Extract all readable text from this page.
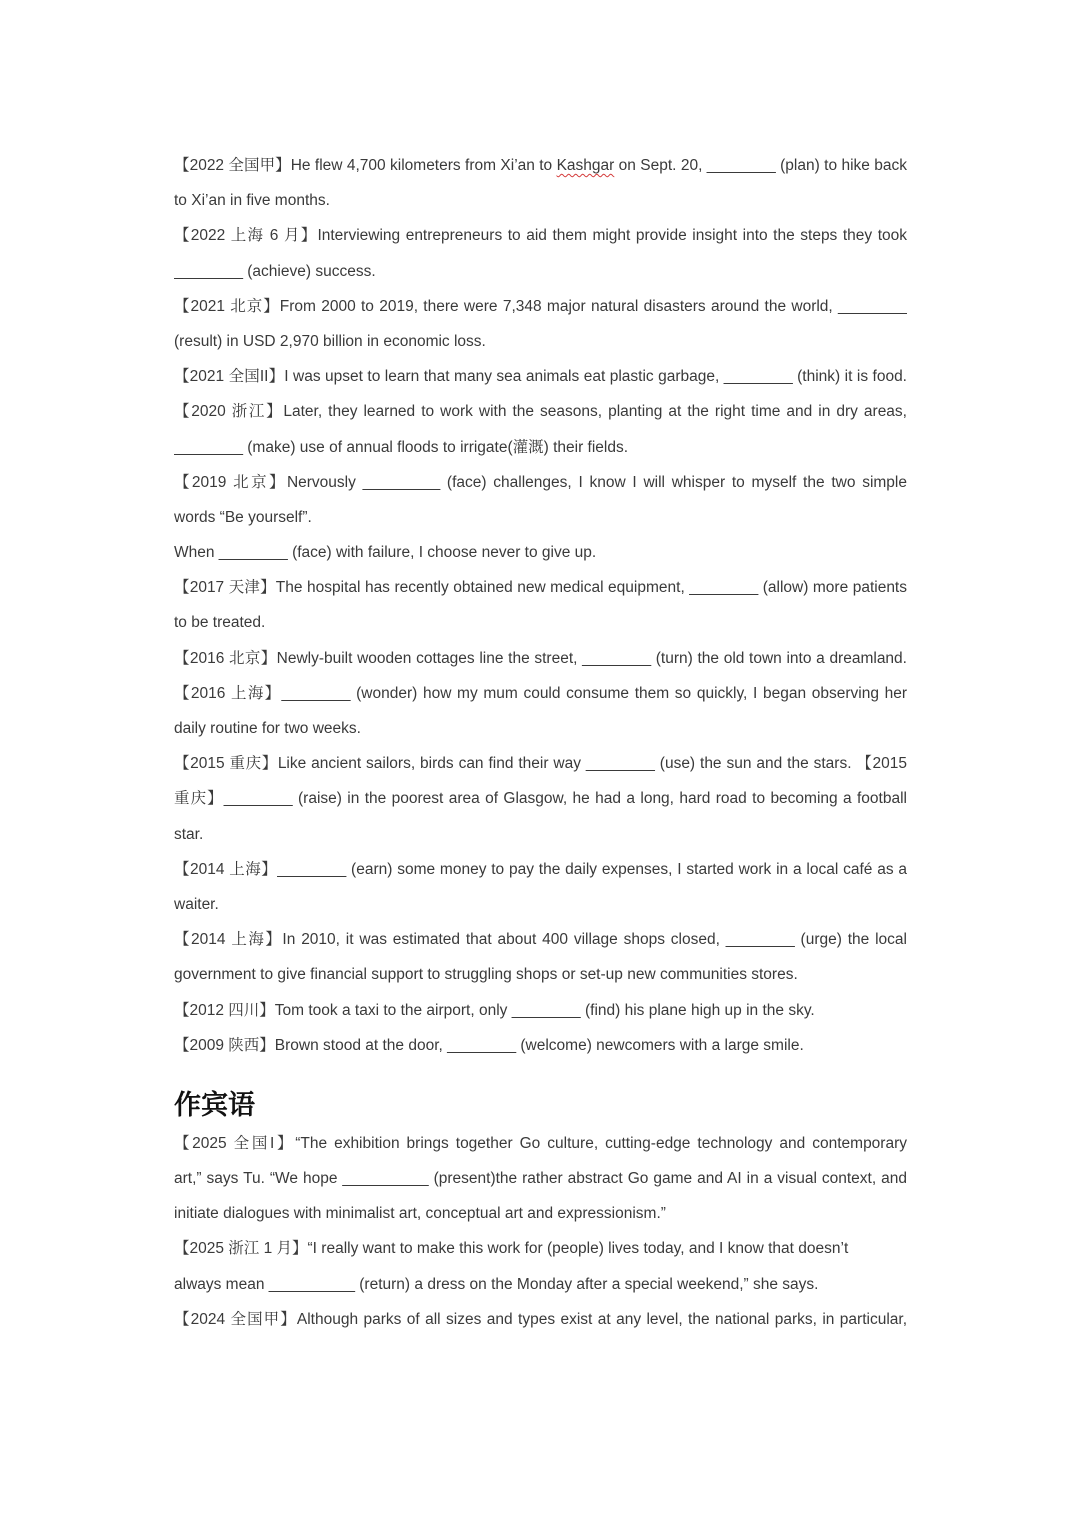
【2022 全国甲】He flew 4,700 kilometers from Xi’an to Kashgar on Sept. 20, ________ (plan) to hike back
to Xi’an in five months.
【2022 上海 6 月】Interviewing entrepreneurs to aid them might provide insight into the steps they took
________ (achieve) success.
【2021 北京】From 2000 to 2019, there were 7,348 major natural disasters around the world, ________
(result) in USD 2,970 billion in economic loss.
【2021 全国II】I was upset to learn that many sea animals eat plastic garbage, ________ (think) it is food.
【2020 浙江】Later, they learned to work with the seasons, planting at the right time and in dry areas,
________ (make) use of annual floods to irrigate(灌溉) their fields.
【2019 北京】Nervously _________ (face) challenges, I know I will whisper to myself the two simple
words “Be yourself”.
When ________ (face) with failure, I choose never to give up.
【2017 天津】The hospital has recently obtained new medical equipment, ________ (allow) more patients
to be treated.
【2016 北京】Newly-built wooden cottages line the street, ________ (turn) the old town into a dreamland.
【2016 上海】________ (wonder) how my mum could consume them so quickly, I began observing her
daily routine for two weeks.
【2015 重庆】Like ancient sailors, birds can find their way ________ (use) the sun and the stars. 【2015
重庆】________ (raise) in the poorest area of Glasgow, he had a long, hard road to becoming a football
star.
【2014 上海】________ (earn) some money to pay the daily expenses, I started work in a local café as a
waiter.
【2014 上海】In 2010, it was estimated that about 400 village shops closed, ________ (urge) the local
government to give financial support to struggling shops or set-up new communities stores.
【2012 四川】Tom took a taxi to the airport, only ________ (find) his plane high up in the sky.
【2009 陕西】Brown stood at the door, ________ (welcome) newcomers with a large smile.
作宾语
【2025 全国I】“The exhibition brings together Go culture, cutting-edge technology and contemporary
art,” says Tu. “We hope __________ (present)the rather abstract Go game and AI in a visual context, and
initiate dialogues with minimalist art, conceptual art and expressionism.”
【2025 浙江 1 月】“I really want to make this work for (people) lives today, and I know that doesn’t
always mean __________ (return) a dress on the Monday after a special weekend,” she says.
【2024 全国甲】Although parks of all sizes and types exist at any level, the national parks, in particular,
